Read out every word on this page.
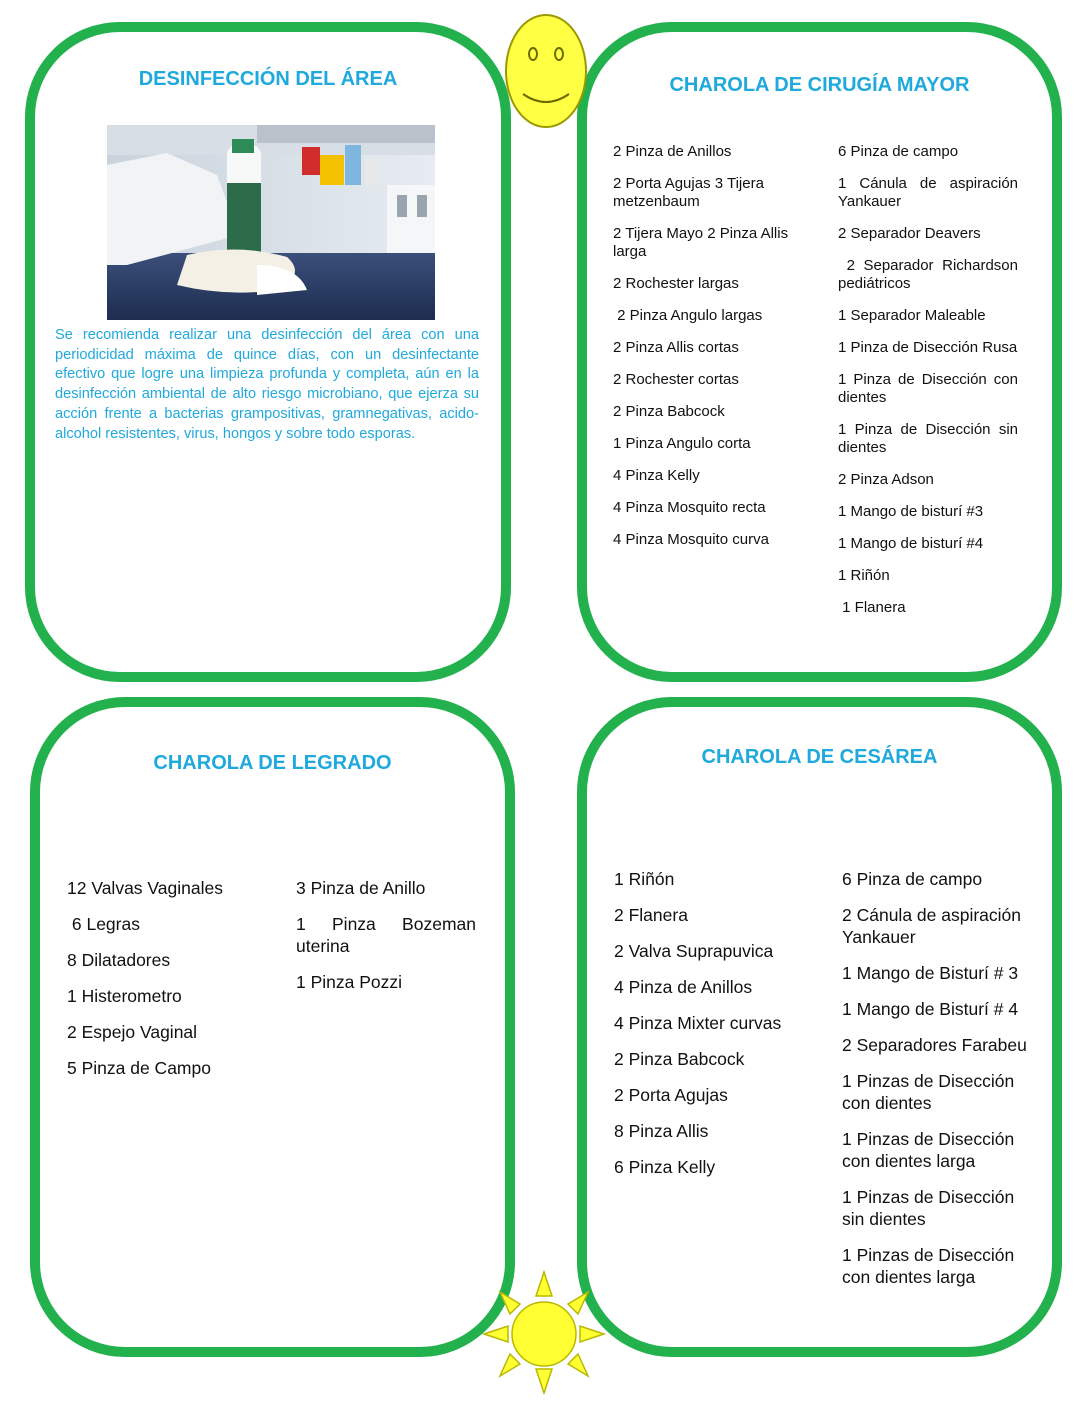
DESINFECCIÓN DEL ÁREA

Se recomienda realizar una desinfección del área con una periodicidad máxima de quince días, con un desinfectante efectivo que logre una limpieza profunda y completa, aún en la desinfección ambiental de alto riesgo microbiano, que ejerza su acción frente a bacterias grampositivas, gramnegativas, acido-alcohol resistentes, virus, hongos y sobre todo esporas.

CHAROLA DE CIRUGÍA MAYOR
2 Pinza de Anillos
2 Porta Agujas 3 Tijera metzenbaum
2 Tijera Mayo 2 Pinza Allis larga
2 Rochester largas
2 Pinza Angulo largas
2 Pinza Allis cortas
2 Rochester cortas
2 Pinza Babcock
1 Pinza Angulo corta
4 Pinza Kelly
4 Pinza Mosquito recta
4 Pinza Mosquito curva
6 Pinza de campo
1 Cánula de aspiración Yankauer
2 Separador Deavers
2 Separador Richardson pediátricos
1 Separador Maleable
1 Pinza de Disección Rusa
1 Pinza de Disección con dientes
1 Pinza de Disección sin dientes
2 Pinza Adson
1 Mango de bisturí #3
1 Mango de bisturí #4
1 Riñón
1 Flanera
CHAROLA DE LEGRADO
12 Valvas Vaginales
6 Legras
8 Dilatadores
1 Histerometro
2 Espejo Vaginal
5 Pinza de Campo
3 Pinza de Anillo
1 Pinza Bozeman uterina
1 Pinza Pozzi
CHAROLA DE CESÁREA
1 Riñón
2 Flanera
2 Valva Suprapuvica
4 Pinza de Anillos
4 Pinza Mixter curvas
2 Pinza Babcock
2 Porta Agujas
8 Pinza Allis
6 Pinza Kelly
6 Pinza de campo
2 Cánula de aspiración Yankauer
1 Mango de Bisturí # 3
1 Mango de Bisturí # 4
2 Separadores Farabeu
1 Pinzas de Disección con dientes
1 Pinzas de Disección con dientes larga
1 Pinzas de Disección sin dientes
1 Pinzas de Disección con dientes larga
